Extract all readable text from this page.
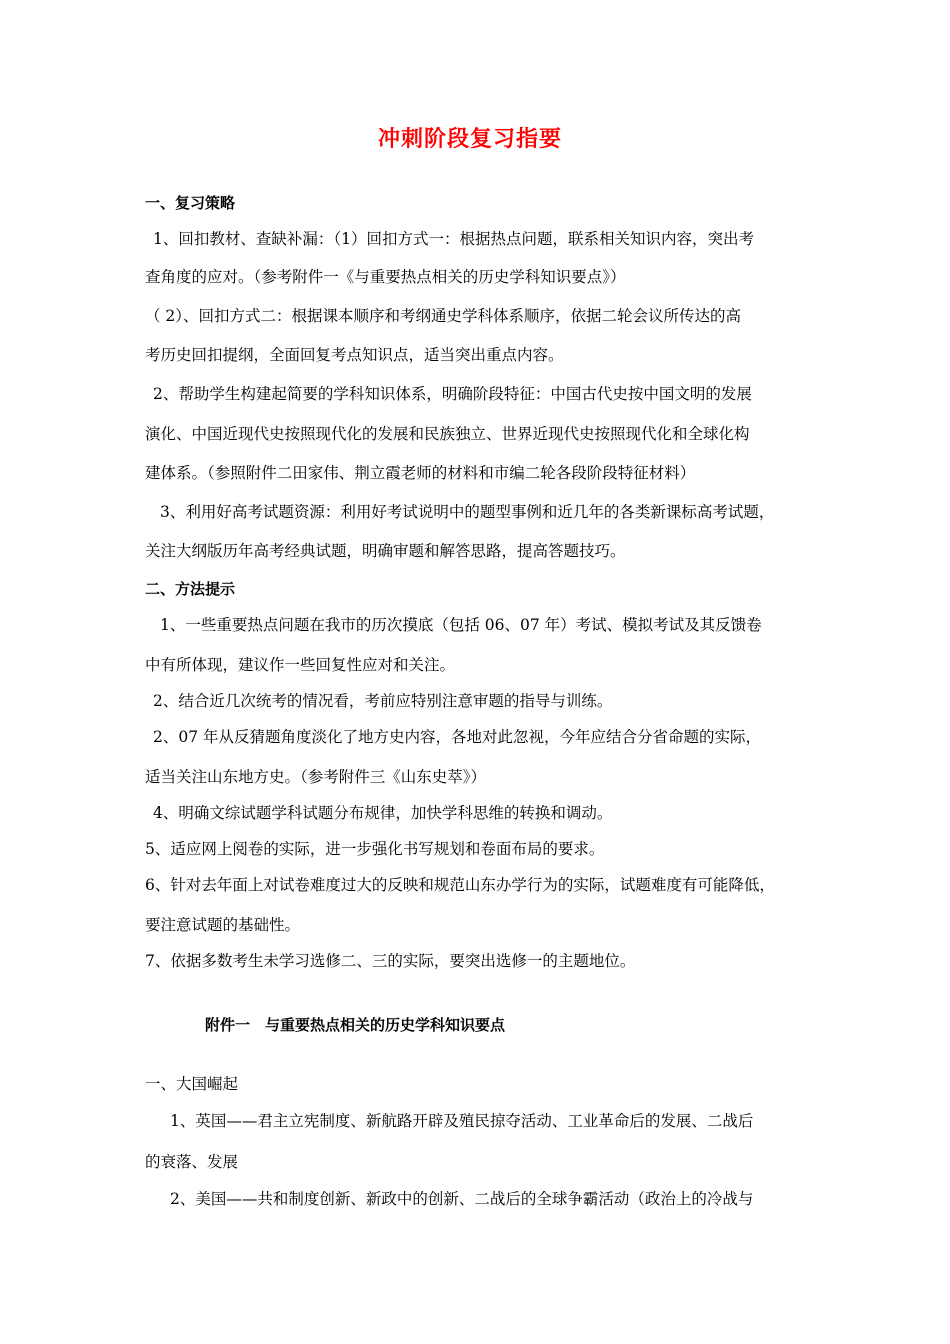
冲刺阶段复习指要
一、复习策略
1、回扣教材、查缺补漏：（1）回扣方式一：根据热点问题，联系相关知识内容，突出考
查角度的应对。（参考附件一《与重要热点相关的历史学科知识要点》）
（ 2）、回扣方式二：根据课本顺序和考纲通史学科体系顺序，依据二轮会议所传达的高
考历史回扣提纲，全面回复考点知识点，适当突出重点内容。
2、帮助学生构建起简要的学科知识体系，明确阶段特征：中国古代史按中国文明的发展
演化、中国近现代史按照现代化的发展和民族独立、世界近现代史按照现代化和全球化构
建体系。（参照附件二田家伟、荆立霞老师的材料和市编二轮各段阶段特征材料）
3、利用好高考试题资源：利用好考试说明中的题型事例和近几年的各类新课标高考试题，
关注大纲版历年高考经典试题，明确审题和解答思路，提高答题技巧。
二、方法提示
1、一些重要热点问题在我市的历次摸底（包括 06、07 年）考试、模拟考试及其反馈卷
中有所体现，建议作一些回复性应对和关注。
2、结合近几次统考的情况看，考前应特别注意审题的指导与训练。
2、07 年从反猜题角度淡化了地方史内容，各地对此忽视，今年应结合分省命题的实际，
适当关注山东地方史。（参考附件三《山东史萃》）
4、明确文综试题学科试题分布规律，加快学科思维的转换和调动。
5、适应网上阅卷的实际，进一步强化书写规划和卷面布局的要求。
6、针对去年面上对试卷难度过大的反映和规范山东办学行为的实际，试题难度有可能降低，
要注意试题的基础性。
7、依据多数考生未学习选修二、三的实际，要突出选修一的主题地位。
附件一　与重要热点相关的历史学科知识要点
一、大国崛起
1、英国——君主立宪制度、新航路开辟及殖民掠夺活动、工业革命后的发展、二战后
的衰落、发展
2、美国——共和制度创新、新政中的创新、二战后的全球争霸活动（政治上的冷战与
